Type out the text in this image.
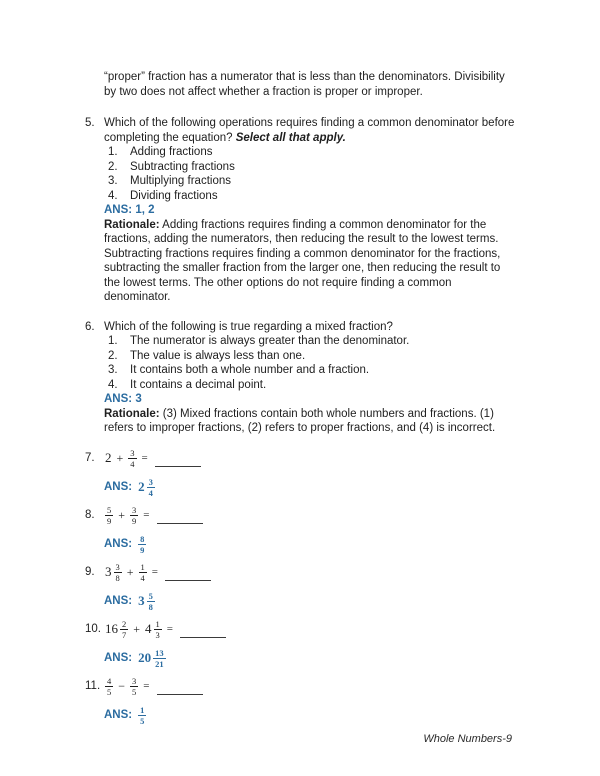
“proper” fraction has a numerator that is less than the denominators. Divisibility by two does not affect whether a fraction is proper or improper.
5. Which of the following operations requires finding a common denominator before completing the equation? Select all that apply.
1.	Adding fractions
2.	Subtracting fractions
3.	Multiplying fractions
4.	Dividing fractions
ANS: 1, 2
Rationale: Adding fractions requires finding a common denominator for the fractions, adding the numerators, then reducing the result to the lowest terms. Subtracting fractions requires finding a common denominator for the fractions, subtracting the smaller fraction from the larger one, then reducing the result to the lowest terms. The other options do not require finding a common denominator.
6. Which of the following is true regarding a mixed fraction?
1.	The numerator is always greater than the denominator.
2.	The value is always less than one.
3.	It contains both a whole number and a fraction.
4.	It contains a decimal point.
ANS: 3
Rationale: (3) Mixed fractions contain both whole numbers and fractions. (1) refers to improper fractions, (2) refers to proper fractions, and (4) is incorrect.
7. $2 + \frac{3}{4}$ =
ANS: $2 \frac{3}{4}$
8.	$\frac{5}{9} + \frac{3}{9}$ =
ANS: $\frac{8}{9}$
9. $3 \frac{3}{8} + \frac{1}{4}$ =
ANS: $3 \frac{5}{8}$
10. $16 \frac{2}{7} + 4 \frac{1}{3}$ =
ANS: $20 \frac{13}{21}$
11. $\frac{4}{5} - \frac{3}{5}$ =
ANS: $\frac{1}{5}$
Whole Numbers-9
